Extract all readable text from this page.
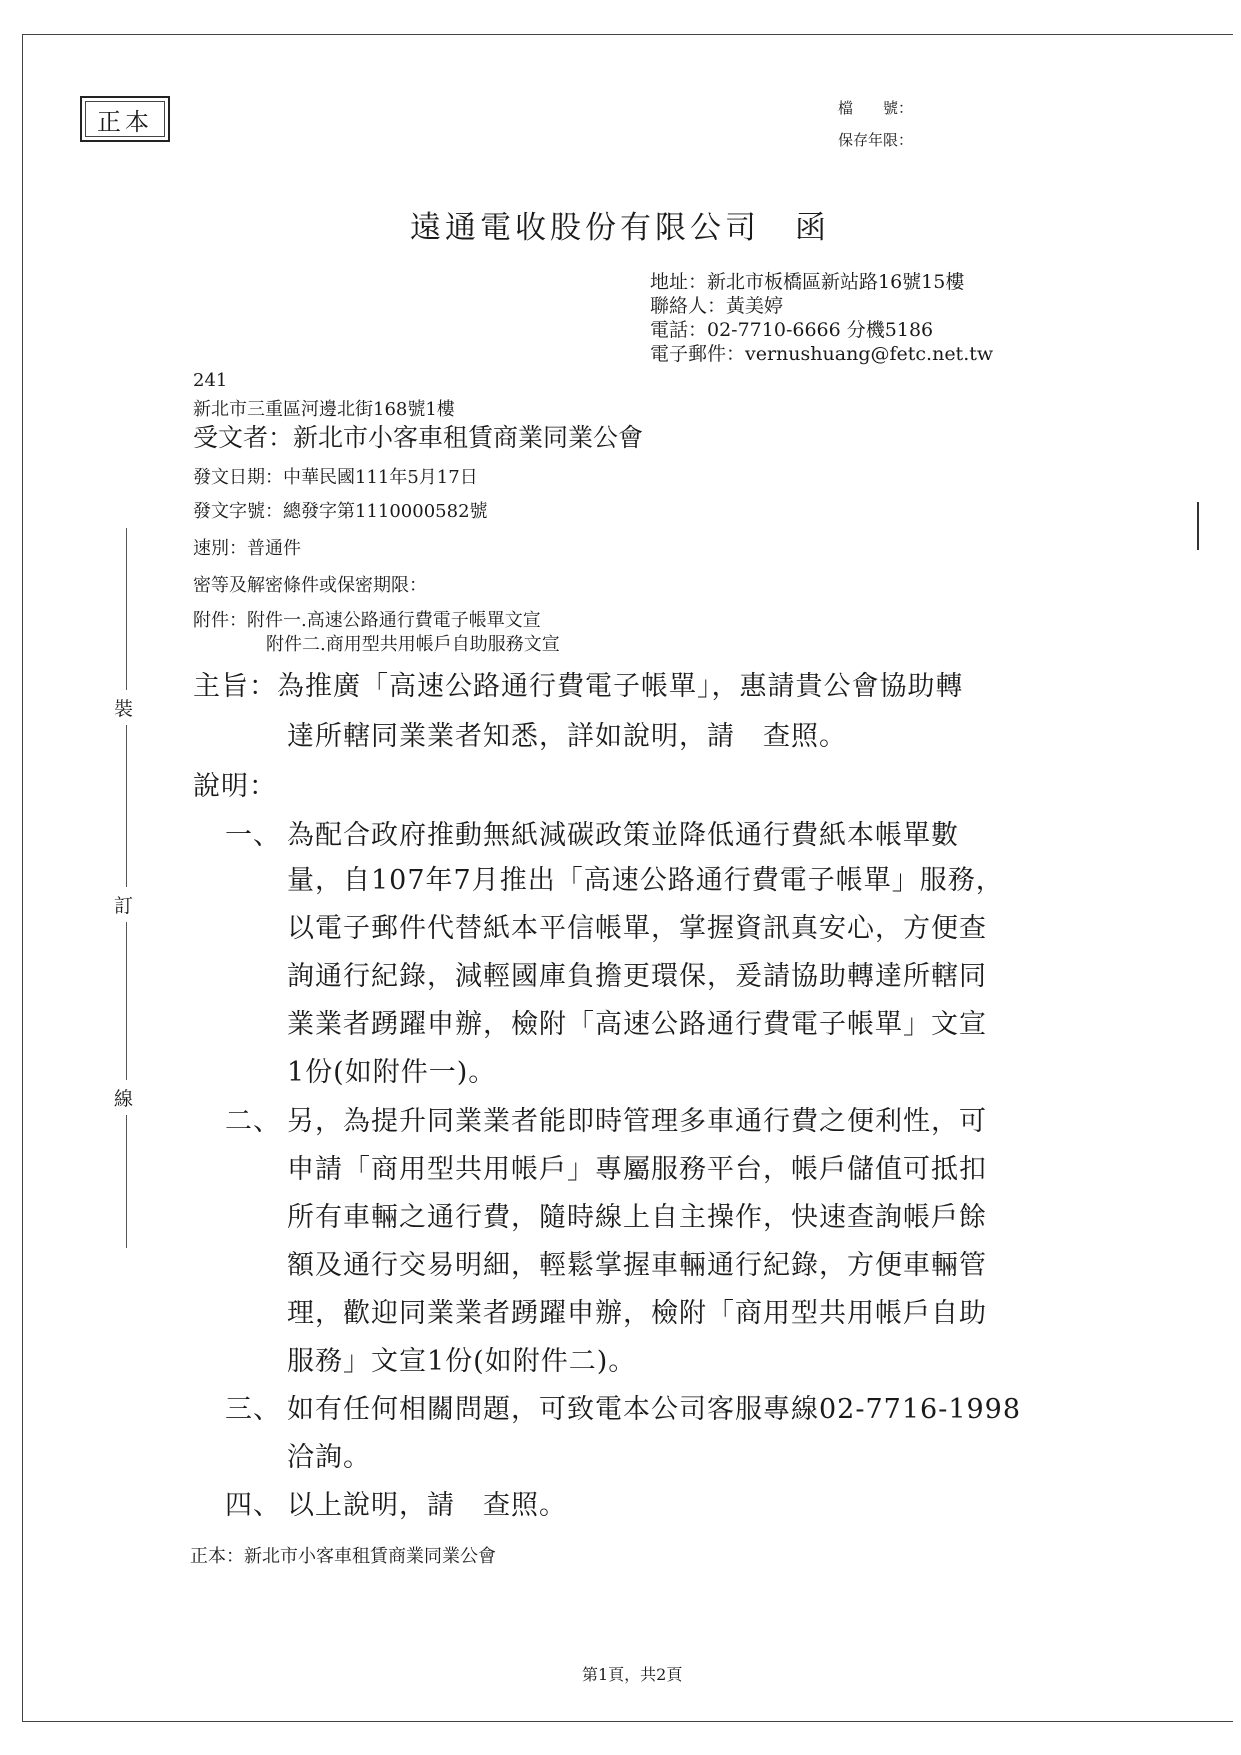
正本	檔　　號：
保存年限：
遠通電收股份有限公司　函
地址：新北市板橋區新站路16號15樓
聯絡人：黃美婷
電話：02-7710-6666 分機5186
電子郵件：vernushuang@fetc.net.tw
241
新北市三重區河邊北街168號1樓
受文者：新北市小客車租賃商業同業公會
發文日期：中華民國111年5月17日
發文字號：總發字第1110000582號
速別：普通件
密等及解密條件或保密期限：
附件：附件一.高速公路通行費電子帳單文宣
附件二.商用型共用帳戶自助服務文宣
裝
訂
線
主旨：為推廣「高速公路通行費電子帳單」，惠請貴公會協助轉
達所轄同業業者知悉，詳如說明，請　查照。
說明：
一、 為配合政府推動無紙減碳政策並降低通行費紙本帳單數
量，自107年7月推出「高速公路通行費電子帳單」服務，
以電子郵件代替紙本平信帳單，掌握資訊真安心，方便查
詢通行紀錄，減輕國庫負擔更環保，爰請協助轉達所轄同
業業者踴躍申辦，檢附「高速公路通行費電子帳單」文宣
1份(如附件一)。
二、 另，為提升同業業者能即時管理多車通行費之便利性，可
申請「商用型共用帳戶」專屬服務平台，帳戶儲值可抵扣
所有車輛之通行費，隨時線上自主操作，快速查詢帳戶餘
額及通行交易明細，輕鬆掌握車輛通行紀錄，方便車輛管
理，歡迎同業業者踴躍申辦，檢附「商用型共用帳戶自助
服務」文宣1份(如附件二)。
三、 如有任何相關問題，可致電本公司客服專線02-7716-1998
洽詢。
四、 以上說明，請　查照。
正本：新北市小客車租賃商業同業公會
第1頁，共2頁
